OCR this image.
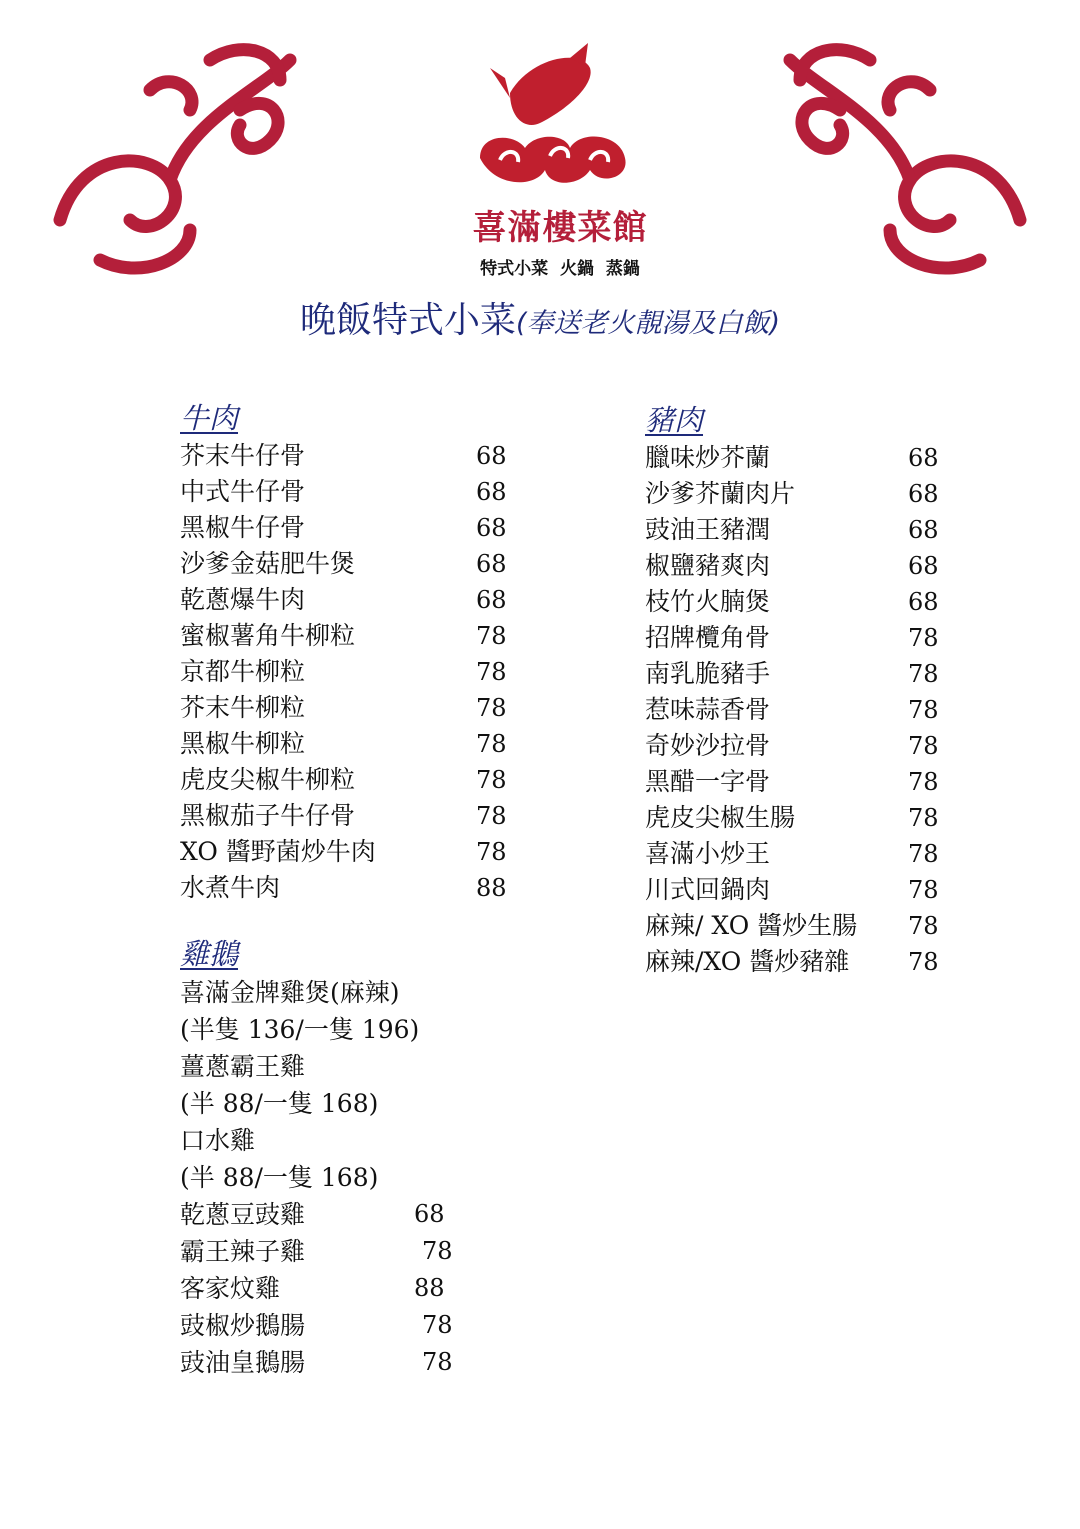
喜滿樓菜館
特式小菜 火鍋 蒸鍋
晚飯特式小菜(奉送老火靚湯及白飯)
牛肉
芥末牛仔骨	68
中式牛仔骨	68
黑椒牛仔骨	68
沙爹金菇肥牛煲	68
乾蔥爆牛肉	68
蜜椒薯角牛柳粒	78
京都牛柳粒	78
芥末牛柳粒	78
黑椒牛柳粒	78
虎皮尖椒牛柳粒	78
黑椒茄子牛仔骨	78
XO 醬野菌炒牛肉	78
水煮牛肉	88
雞鵝
喜滿金牌雞煲(麻辣)
(半隻 136/一隻 196)
薑蔥霸王雞
(半 88/一隻 168)
口水雞
(半 88/一隻 168)
乾蔥豆豉雞	68
霸王辣子雞	78
客家炆雞	88
豉椒炒鵝腸	78
豉油皇鵝腸	78
豬肉
臘味炒芥蘭	68
沙爹芥蘭肉片	68
豉油王豬潤	68
椒鹽豬爽肉	68
枝竹火腩煲	68
招牌欖角骨	78
南乳脆豬手	78
惹味蒜香骨	78
奇妙沙拉骨	78
黑醋一字骨	78
虎皮尖椒生腸	78
喜滿小炒王	78
川式回鍋肉	78
麻辣/ XO 醬炒生腸 78
麻辣/XO 醬炒豬雜 78
